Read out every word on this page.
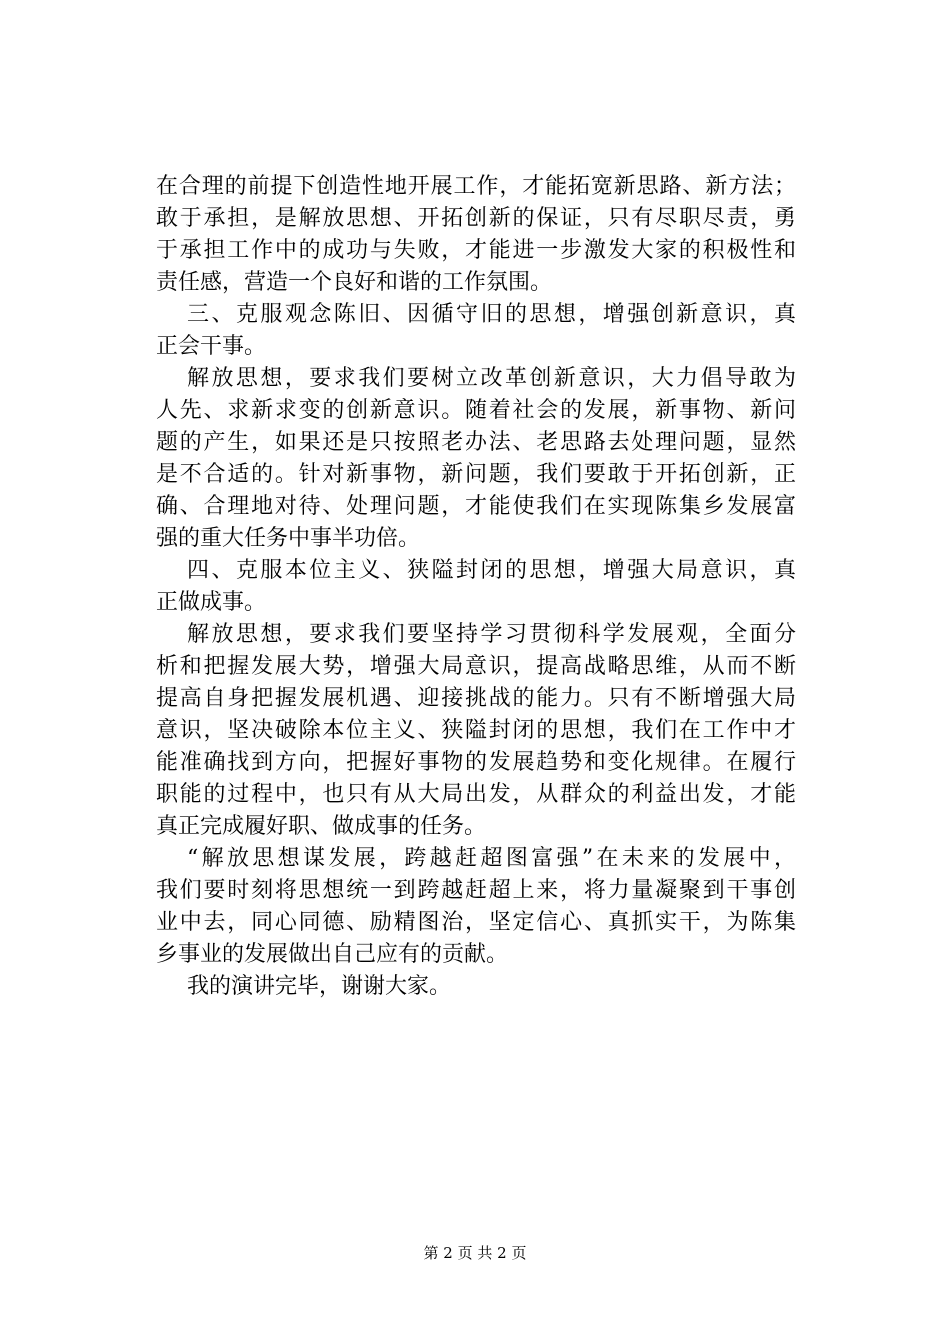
在合理的前提下创造性地开展工作，才能拓宽新思路、新方法；
敢于承担，是解放思想、开拓创新的保证，只有尽职尽责，勇
于承担工作中的成功与失败，才能进一步激发大家的积极性和
责任感，营造一个良好和谐的工作氛围。
三、克服观念陈旧、因循守旧的思想，增强创新意识，真
正会干事。
解放思想，要求我们要树立改革创新意识，大力倡导敢为
人先、求新求变的创新意识。随着社会的发展，新事物、新问
题的产生，如果还是只按照老办法、老思路去处理问题，显然
是不合适的。针对新事物，新问题，我们要敢于开拓创新，正
确、合理地对待、处理问题，才能使我们在实现陈集乡发展富
强的重大任务中事半功倍。
四、克服本位主义、狭隘封闭的思想，增强大局意识，真
正做成事。
解放思想，要求我们要坚持学习贯彻科学发展观，全面分
析和把握发展大势，增强大局意识，提高战略思维，从而不断
提高自身把握发展机遇、迎接挑战的能力。只有不断增强大局
意识，坚决破除本位主义、狭隘封闭的思想，我们在工作中才
能准确找到方向，把握好事物的发展趋势和变化规律。在履行
职能的过程中，也只有从大局出发，从群众的利益出发，才能
真正完成履好职、做成事的任务。
“解放思想谋发展，跨越赶超图富强”在未来的发展中，
我们要时刻将思想统一到跨越赶超上来，将力量凝聚到干事创
业中去，同心同德、励精图治，坚定信心、真抓实干，为陈集
乡事业的发展做出自己应有的贡献。
我的演讲完毕，谢谢大家。
第 2 页 共 2 页
